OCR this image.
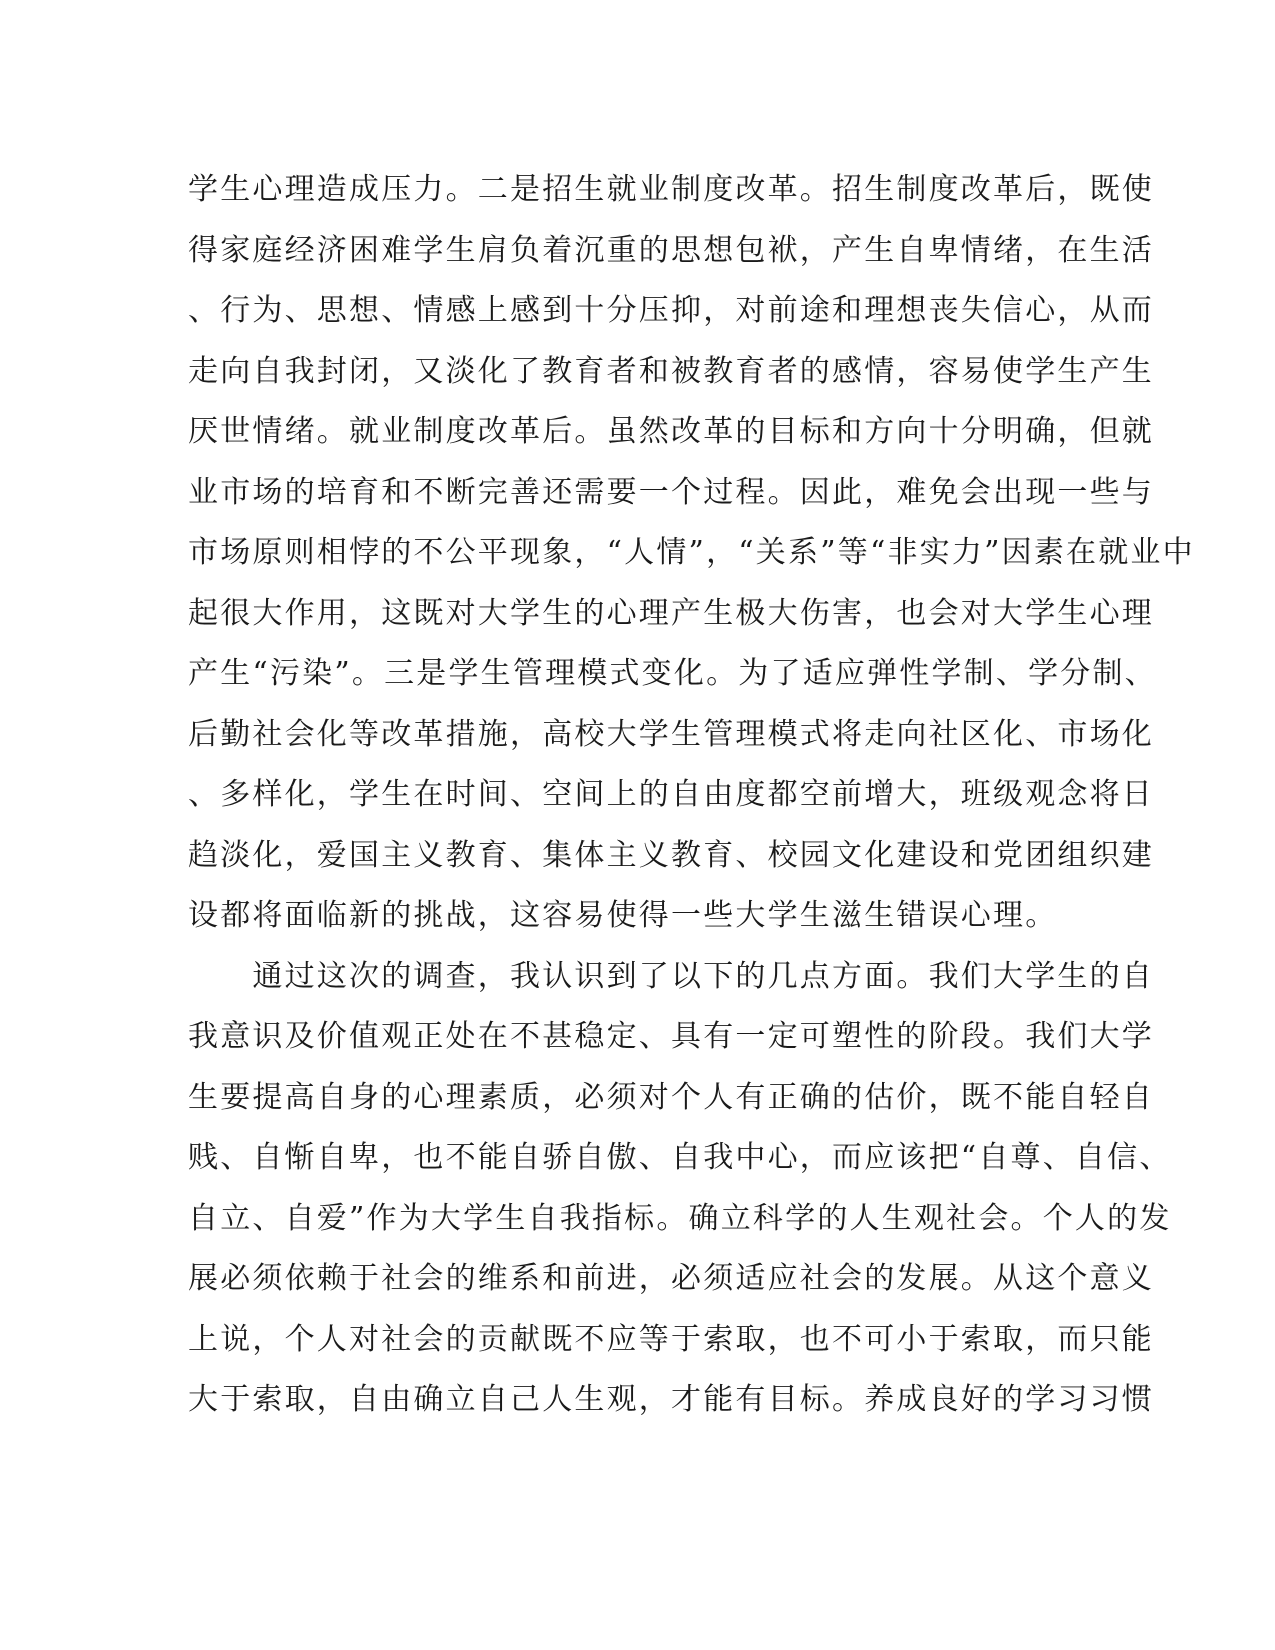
学生心理造成压力。二是招生就业制度改革。招生制度改革后，既使
得家庭经济困难学生肩负着沉重的思想包袱，产生自卑情绪，在生活
、行为、思想、情感上感到十分压抑，对前途和理想丧失信心，从而
走向自我封闭，又淡化了教育者和被教育者的感情，容易使学生产生
厌世情绪。就业制度改革后。虽然改革的目标和方向十分明确，但就
业市场的培育和不断完善还需要一个过程。因此，难免会出现一些与
市场原则相悖的不公平现象，“人情”，“关系”等“非实力”因素在就业中
起很大作用，这既对大学生的心理产生极大伤害，也会对大学生心理
产生“污染”。三是学生管理模式变化。为了适应弹性学制、学分制、
后勤社会化等改革措施，高校大学生管理模式将走向社区化、市场化
、多样化，学生在时间、空间上的自由度都空前增大，班级观念将日
趋淡化，爱国主义教育、集体主义教育、校园文化建设和党团组织建
设都将面临新的挑战，这容易使得一些大学生滋生错误心理。
　　通过这次的调查，我认识到了以下的几点方面。我们大学生的自
我意识及价值观正处在不甚稳定、具有一定可塑性的阶段。我们大学
生要提高自身的心理素质，必须对个人有正确的估价，既不能自轻自
贱、自惭自卑，也不能自骄自傲、自我中心，而应该把“自尊、自信、
自立、自爱”作为大学生自我指标。确立科学的人生观社会。个人的发
展必须依赖于社会的维系和前进，必须适应社会的发展。从这个意义
上说，个人对社会的贡献既不应等于索取，也不可小于索取，而只能
大于索取，自由确立自己人生观，才能有目标。养成良好的学习习惯
